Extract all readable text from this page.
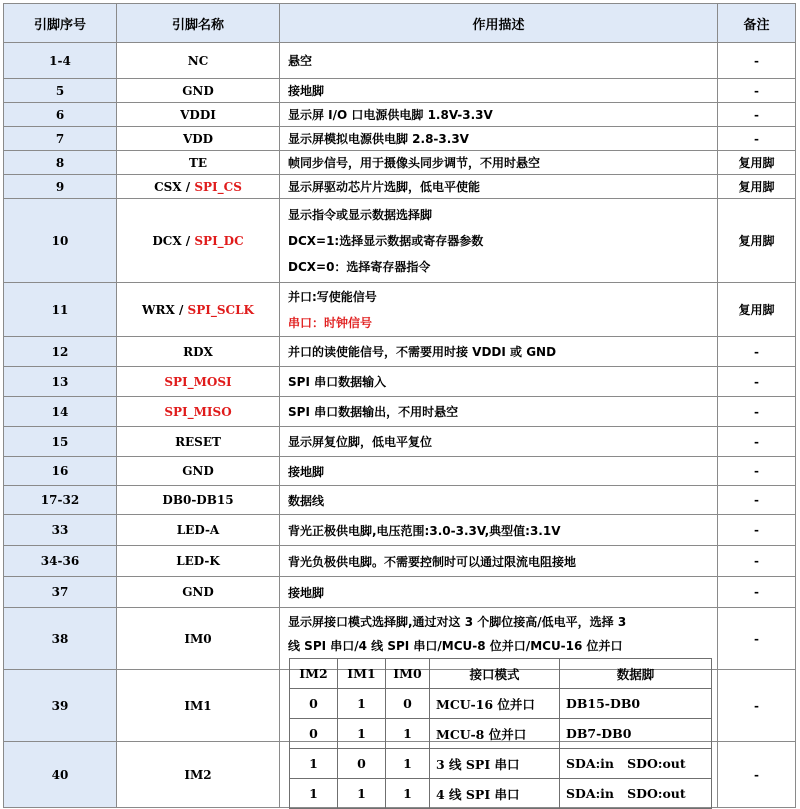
引脚序号	引脚名称	作用描述	备注
1-4	NC	悬空	-
5	GND	接地脚	-
6	VDDI	显示屏 I/O 口电源供电脚 1.8V-3.3V	-
7	VDD	显示屏模拟电源供电脚 2.8-3.3V	-
8	TE	帧同步信号，用于摄像头同步调节，不用时悬空	复用脚
9	CSX / SPI_CS	显示屏驱动芯片片选脚，低电平使能	复用脚
10	DCX / SPI_DC	显示指令或显示数据选择脚
DCX=1:选择显示数据或寄存器参数
DCX=0：选择寄存器指令	复用脚
11	WRX / SPI_SCLK	并口:写使能信号
串口：时钟信号	复用脚
12	RDX	并口的读使能信号，不需要用时接 VDDI 或 GND	-
13	SPI_MOSI	SPI 串口数据输入	-
14	SPI_MISO	SPI 串口数据输出，不用时悬空	-
15	RESET	显示屏复位脚，低电平复位	-
16	GND	接地脚	-
17-32	DB0-DB15	数据线	-
33	LED-A	背光正极供电脚,电压范围:3.0-3.3V,典型值:3.1V	-
34-36	LED-K	背光负极供电脚。不需要控制时可以通过限流电阻接地	-
37	GND	接地脚	-
38	IM0	显示屏接口模式选择脚,通过对这 3 个脚位接高/低电平，选择 3
线 SPI 串口/4 线 SPI 串口/MCU-8 位并口/MCU-16 位并口	-
39	IM1		-
40	IM2		-
IM2	IM1	IM0	接口模式	数据脚
0	1	0	MCU-16 位并口	DB15-DB0
0	1	1	MCU-8 位并口	DB7-DB0
1	0	1	3 线 SPI 串口	SDA:in   SDO:out
1	1	1	4 线 SPI 串口	SDA:in   SDO:out
